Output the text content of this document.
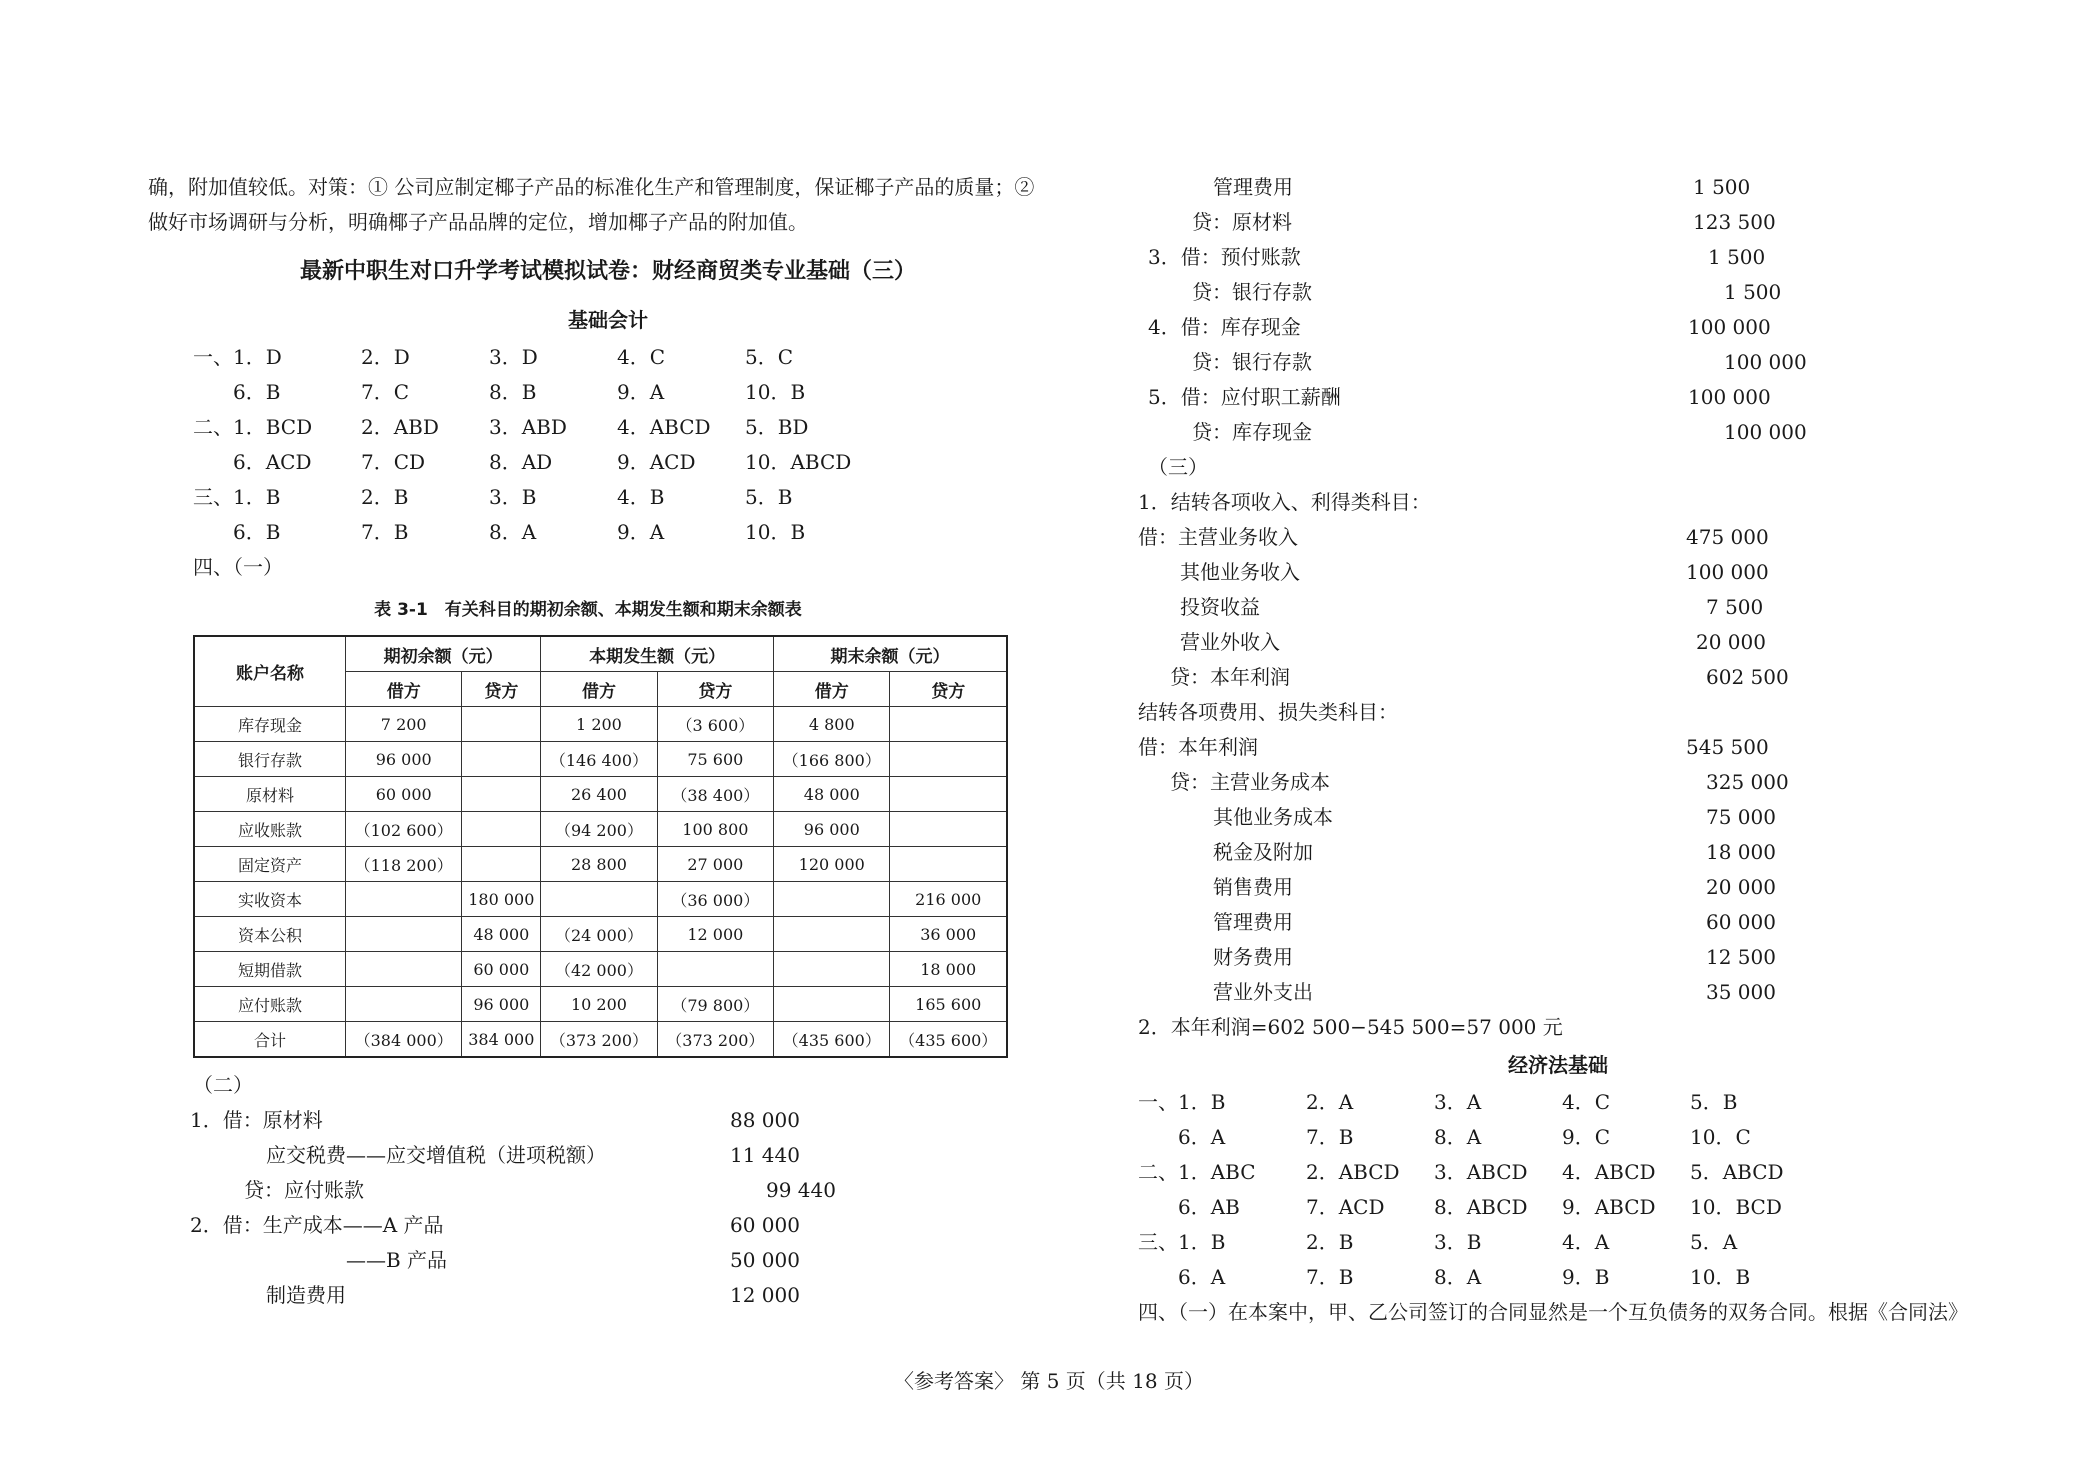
确，附加值较低。对策：① 公司应制定椰子产品的标准化生产和管理制度，保证椰子产品的质量；②
做好市场调研与分析，明确椰子产品品牌的定位，增加椰子产品的附加值。
最新中职生对口升学考试模拟试卷：财经商贸类专业基础（三）
基础会计
一、1．D	2．D	3．D	4．C	5．C
6．B	7．C	8．B	9．A	10．B
二、1．BCD 2．ABD	3．ABD	4．ABCD 5．BD
6．ACD 7．CD	8．AD	9．ACD 10．ABCD
三、1．B	2．B	3．B	4．B	5．B
6．B	7．B	8．A	9．A	10．B
四、（一）
表 3-1　有关科目的期初余额、本期发生额和期末余额表
账户名称	期初余额（元）		本期发生额（元）		期末余额（元）	
	借方	贷方	借方	贷方	借方	贷方
库存现金	7 200		1 200	（3 600）	4 800	
银行存款	96 000		（146 400）	75 600	（166 800）	
原材料	60 000		26 400	（38 400）	48 000	
应收账款	（102 600）		（94 200）	100 800	96 000	
固定资产	（118 200）		28 800	27 000	120 000	
实收资本		180 000		（36 000）		216 000
资本公积		48 000	（24 000）	12 000		36 000
短期借款		60 000	（42 000）			18 000
应付账款		96 000	10 200	（79 800）		165 600
合计	（384 000）	384 000	（373 200）	（373 200）	（435 600）	（435 600）
（二）
1．借：原材料	88 000
应交税费——应交增值税（进项税额）	11 440
贷：应付账款	99 440
2．借：生产成本——A 产品	60 000
——B 产品	50 000
制造费用	12 000
管理费用	1 500
贷：原材料	123 500
3．借：预付账款	1 500
贷：银行存款	1 500
4．借：库存现金	100 000
贷：银行存款	100 000
5．借：应付职工薪酬	100 000
贷：库存现金	100 000
（三）
1．结转各项收入、利得类科目：
借：主营业务收入	475 000
其他业务收入	100 000
投资收益	7 500
营业外收入	20 000
贷：本年利润	602 500
结转各项费用、损失类科目：
借：本年利润	545 500
贷：主营业务成本	325 000
其他业务成本	75 000
税金及附加	18 000
销售费用	20 000
管理费用	60 000
财务费用	12 500
营业外支出	35 000
2．本年利润=602 500−545 500=57 000 元
经济法基础
一、1．B	2．A	3．A	4．C	5．B
6．A	7．B	8．A	9．C	10．C
二、1．ABC	2．ABCD 3．ABCD 4．ABCD 5．ABCD
6．AB	7．ACD 8．ABCD 9．ABCD 10．BCD
三、1．B	2．B	3．B	4．A	5．A
6．A	7．B	8．A	9．B	10．B
四、（一）在本案中，甲、乙公司签订的合同显然是一个互负债务的双务合同。根据《合同法》
〈参考答案〉 第 5 页（共 18 页）
